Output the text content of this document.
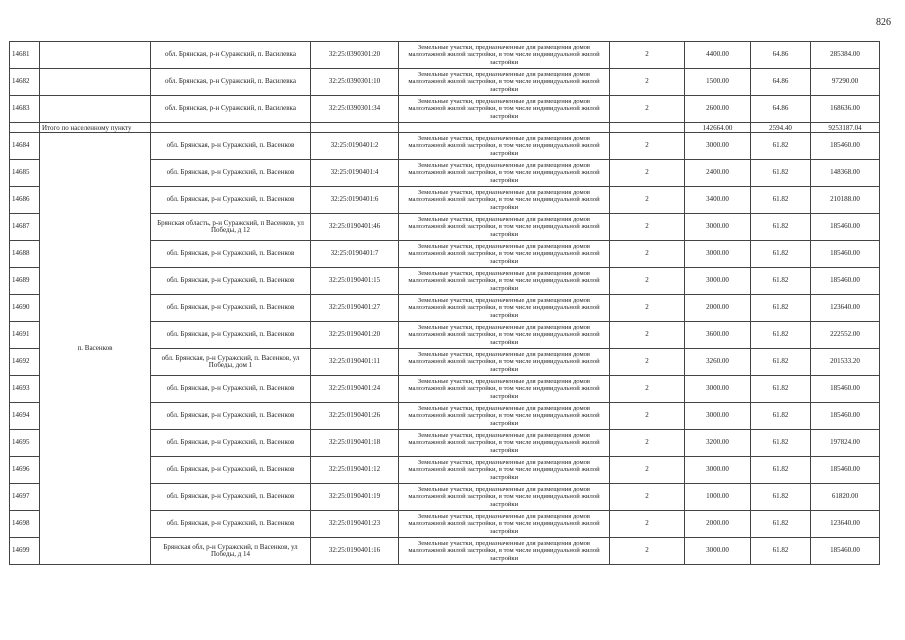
826
14681		обл. Брянская, р-н Суражский, п. Василевка	32:25:0390301:20	Земельные участки, предназначенные для размещения домов малоэтажной жилой застройки, в том числе индивидуальной жилой застройки	2	4400.00	64.86	285384.00
14682		обл. Брянская, р-н Суражский, п. Василевка	32:25:0390301:10	Земельные участки, предназначенные для размещения домов малоэтажной жилой застройки, в том числе индивидуальной жилой застройки	2	1500.00	64.86	97290.00
14683		обл. Брянская, р-н Суражский, п. Василевка	32:25:0390301:34	Земельные участки, предназначенные для размещения домов малоэтажной жилой застройки, в том числе индивидуальной жилой застройки	2	2600.00	64.86	168636.00
	Итого по населенному пункту					142664.00	2594.40	9253187.04
14684	п. Васенков	обл. Брянская, р-н Суражский, п. Васенков	32:25:0190401:2	Земельные участки, предназначенные для размещения домов малоэтажной жилой застройки, в том числе индивидуальной жилой застройки	2	3000.00	61.82	185460.00
14685		обл. Брянская, р-н Суражский, п. Васенков	32:25:0190401:4	Земельные участки, предназначенные для размещения домов малоэтажной жилой застройки, в том числе индивидуальной жилой застройки	2	2400.00	61.82	148368.00
14686		обл. Брянская, р-н Суражский, п. Васенков	32:25:0190401:6	Земельные участки, предназначенные для размещения домов малоэтажной жилой застройки, в том числе индивидуальной жилой застройки	2	3400.00	61.82	210188.00
14687		Брянская область, р-н Суражский, п Васенков, ул Победы, д 12	32:25:0190401:46	Земельные участки, предназначенные для размещения домов малоэтажной жилой застройки, в том числе индивидуальной жилой застройки	2	3000.00	61.82	185460.00
14688		обл. Брянская, р-н Суражский, п. Васенков	32:25:0190401:7	Земельные участки, предназначенные для размещения домов малоэтажной жилой застройки, в том числе индивидуальной жилой застройки	2	3000.00	61.82	185460.00
14689		обл. Брянская, р-н Суражский, п. Васенков	32:25:0190401:15	Земельные участки, предназначенные для размещения домов малоэтажной жилой застройки, в том числе индивидуальной жилой застройки	2	3000.00	61.82	185460.00
14690		обл. Брянская, р-н Суражский, п. Васенков	32:25:0190401:27	Земельные участки, предназначенные для размещения домов малоэтажной жилой застройки, в том числе индивидуальной жилой застройки	2	2000.00	61.82	123640.00
14691		обл. Брянская, р-н Суражский, п. Васенков	32:25:0190401:20	Земельные участки, предназначенные для размещения домов малоэтажной жилой застройки, в том числе индивидуальной жилой застройки	2	3600.00	61.82	222552.00
14692		обл. Брянская, р-н Суражский, п. Васенков, ул Победы, дом 1	32:25:0190401:11	Земельные участки, предназначенные для размещения домов малоэтажной жилой застройки, в том числе индивидуальной жилой застройки	2	3260.00	61.82	201533.20
14693		обл. Брянская, р-н Суражский, п. Васенков	32:25:0190401:24	Земельные участки, предназначенные для размещения домов малоэтажной жилой застройки, в том числе индивидуальной жилой застройки	2	3000.00	61.82	185460.00
14694		обл. Брянская, р-н Суражский, п. Васенков	32:25:0190401:26	Земельные участки, предназначенные для размещения домов малоэтажной жилой застройки, в том числе индивидуальной жилой застройки	2	3000.00	61.82	185460.00
14695		обл. Брянская, р-н Суражский, п. Васенков	32:25:0190401:18	Земельные участки, предназначенные для размещения домов малоэтажной жилой застройки, в том числе индивидуальной жилой застройки	2	3200.00	61.82	197824.00
14696		обл. Брянская, р-н Суражский, п. Васенков	32:25:0190401:12	Земельные участки, предназначенные для размещения домов малоэтажной жилой застройки, в том числе индивидуальной жилой застройки	2	3000.00	61.82	185460.00
14697		обл. Брянская, р-н Суражский, п. Васенков	32:25:0190401:19	Земельные участки, предназначенные для размещения домов малоэтажной жилой застройки, в том числе индивидуальной жилой застройки	2	1000.00	61.82	61820.00
14698		обл. Брянская, р-н Суражский, п. Васенков	32:25:0190401:23	Земельные участки, предназначенные для размещения домов малоэтажной жилой застройки, в том числе индивидуальной жилой застройки	2	2000.00	61.82	123640.00
14699		Брянская обл, р-н Суражский, п Васенков, ул Победы, д 14	32:25:0190401:16	Земельные участки, предназначенные для размещения домов малоэтажной жилой застройки, в том числе индивидуальной жилой застройки	2	3000.00	61.82	185460.00
